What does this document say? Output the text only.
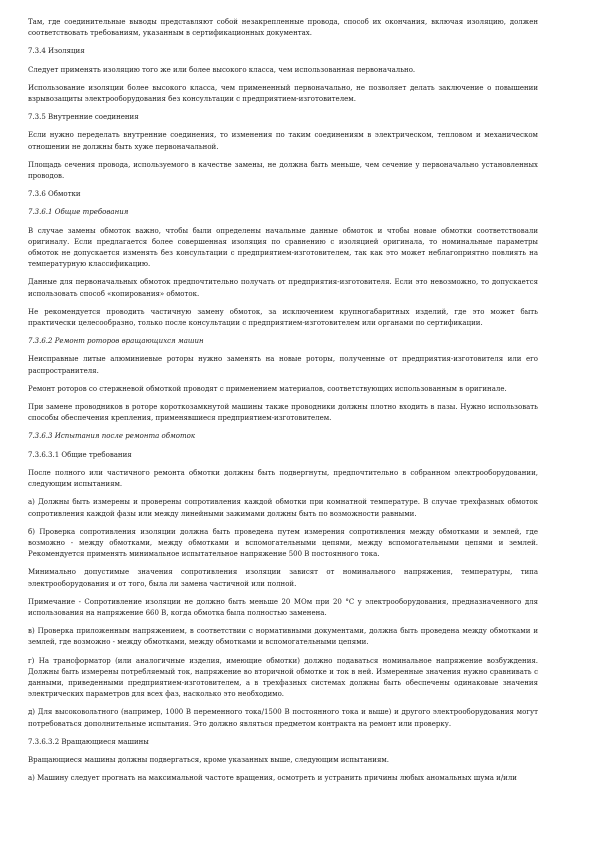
Там, где соединительные выводы представляют собой незакрепленные провода, способ их окончания, включая изоляцию, должен соответствовать требованиям, указанным в сертификационных документах.

7.3.4 Изоляция

Следует применять изоляцию того же или более высокого класса, чем использованная первоначально.

Использование изоляции более высокого класса, чем примененный первоначально, не позволяет делать заключение о повышении взрывозащиты электрооборудования без консультации с предприятием-изготовителем.

7.3.5 Внутренние соединения

Если нужно переделать внутренние соединения, то изменения по таким соединениям в электрическом, тепловом и механическом отношении не должны быть хуже первоначальной.

Площадь сечения провода, используемого в качестве замены, не должна быть меньше, чем сечение у первоначально установленных проводов.

7.3.6 Обмотки

7.3.6.1 Общие требования

В случае замены обмоток важно, чтобы были определены начальные данные обмоток и чтобы новые обмотки соответствовали оригиналу. Если предлагается более совершенная изоляция по сравнению с изоляцией оригинала, то номинальные параметры обмоток не допускается изменять без консультации с предприятием-изготовителем, так как это может неблагоприятно повлиять на температурную классификацию.

Данные для первоначальных обмоток предпочтительно получать от предприятия-изготовителя. Если это невозможно, то допускается использовать способ «копирования» обмоток.

Не рекомендуется проводить частичную замену обмоток, за исключением крупногабаритных изделий, где это может быть практически целесообразно, только после консультации с предприятием-изготовителем или органами по сертификации.

7.3.6.2 Ремонт роторов вращающихся машин

Неисправные литые алюминиевые роторы нужно заменять на новые роторы, полученные от предприятия-изготовителя или его распространителя.

Ремонт роторов со стержневой обмоткой проводят с применением материалов, соответствующих использованным в оригинале.

При замене проводников в роторе короткозамкнутой машины также проводники должны плотно входить в пазы. Нужно использовать способы обеспечения крепления, применявшиеся предприятием-изготовителем.

7.3.6.3 Испытания после ремонта обмоток

7.3.6.3.1 Общие требования

После полного или частичного ремонта обмотки должны быть подвергнуты, предпочтительно в собранном электрооборудовании, следующим испытаниям.

а) Должны быть измерены и проверены сопротивления каждой обмотки при комнатной температуре. В случае трехфазных обмоток сопротивления каждой фазы или между линейными зажимами должны быть по возможности равными.

б) Проверка сопротивления изоляции должна быть проведена путем измерения сопротивления между обмотками и землей, где возможно - между обмотками, между обмотками и вспомогательными цепями, между вспомогательными цепями и землей. Рекомендуется применять минимальное испытательное напряжение 500 В постоянного тока.

Минимально допустимые значения сопротивления изоляции зависят от номинального напряжения, температуры, типа электрооборудования и от того, была ли замена частичной или полной.

Примечание - Сопротивление изоляции не должно быть меньше 20 МОм при 20 °С у электрооборудования, предназначенного для использования на напряжение 660 В, когда обмотка была полностью заменена.

в) Проверка приложенным напряжением, в соответствии с нормативными документами, должна быть проведена между обмотками и землей, где возможно - между обмотками, между обмотками и вспомогательными цепями.

г) На трансформатор (или аналогичные изделия, имеющие обмотки) должно подаваться номинальное напряжение возбуждения. Должны быть измерены потребляемый ток, напряжение во вторичной обмотке и ток в ней. Измеренные значения нужно сравнивать с данными, приведенными предприятием-изготовителем, а в трехфазных системах должны быть обеспечены одинаковые значения электрических параметров для всех фаз, насколько это необходимо.

д) Для высоковольтного (например, 1000 В переменного тока/1500 В постоянного тока и выше) и другого электрооборудования могут потребоваться дополнительные испытания. Это должно являться предметом контракта на ремонт или проверку.

7.3.6.3.2 Вращающиеся машины

Вращающиеся машины должны подвергаться, кроме указанных выше, следующим испытаниям.

а) Машину следует прогнать на максимальной частоте вращения, осмотреть и устранить причины любых аномальных шума и/или
